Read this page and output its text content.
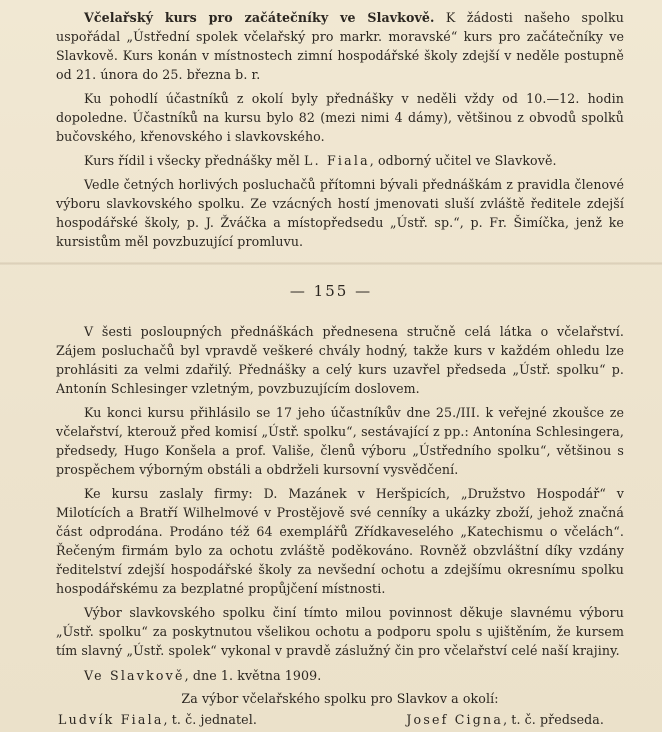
Včelařský kurs pro začátečníky ve Slavkově. K žádosti našeho spolku uspořádal „Ústřední spolek včelařský pro markr. moravské“ kurs pro začátečníky ve Slavkově. Kurs konán v místnostech zimní hospodářské školy zdejší v neděle postupně od 21. února do 25. března b. r.

Ku pohodlí účastníků z okolí byly přednášky v neděli vždy od 10.—12. hodin dopoledne. Účastníků na kursu bylo 82 (mezi nimi 4 dámy), většinou z obvodů spolků bučovského, křenovského i slavkovského.

Kurs řídil i všecky přednášky měl L. Fiala, odborný učitel ve Slavkově.

Vedle četných horlivých posluchačů přítomni bývali přednáškám z pravidla členové výboru slavkovského spolku. Ze vzácných hostí jmenovati sluší zvláště ředitele zdejší hospodářské školy, p. J. Žváčka a místopředsedu „Ústř. sp.“, p. Fr. Šimíčka, jenž ke kursistům měl povzbuzující promluvu.

— 155 —

V šesti posloupných přednáškách přednesena stručně celá látka o včelařství. Zájem posluchačů byl vpravdě veškeré chvály hodný, takže kurs v každém ohledu lze prohlásiti za velmi zdařilý. Přednášky a celý kurs uzavřel předseda „Ústř. spolku“ p. Antonín Schlesinger vzletným, povzbuzujícím doslovem.

Ku konci kursu přihlásilo se 17 jeho účastníkův dne 25./III. k veřejné zkoušce ze včelařství, kterouž před komisí „Ústř. spolku“, sestávající z pp.: Antonína Schlesingera, předsedy, Hugo Konšela a prof. Vališe, členů výboru „Ústředního spolku“, většinou s prospěchem výborným obstáli a obdrželi kursovní vysvědčení.

Ke kursu zaslaly firmy: D. Mazánek v Heršpicích, „Družstvo Hospodář“ v Milotících a Bratří Wilhelmové v Prostějově své cenníky a ukázky zboží, jehož značná část odprodána. Prodáno též 64 exemplářů Zřídkaveselého „Katechismu o včelách“. Řečeným firmám bylo za ochotu zvláště poděkováno. Rovněž obzvláštní díky vzdány ředitelství zdejší hospodářské školy za nevšední ochotu a zdejšímu okresnímu spolku hospodářskému za bezplatné propůjčení místnosti.

Výbor slavkovského spolku činí tímto milou povinnost děkuje slavnému výboru „Ústř. spolku“ za poskytnutou všelikou ochotu a podporu spolu s ujištěním, že kursem tím slavný „Ústř. spolek“ vykonal v pravdě záslužný čin pro včelařství celé naší krajiny.

Ve Slavkově, dne 1. května 1909.

Za výbor včelařského spolku pro Slavkov a okolí:

Ludvík Fiala, t. č. jednatel.	Josef Cigna, t. č. předseda.
